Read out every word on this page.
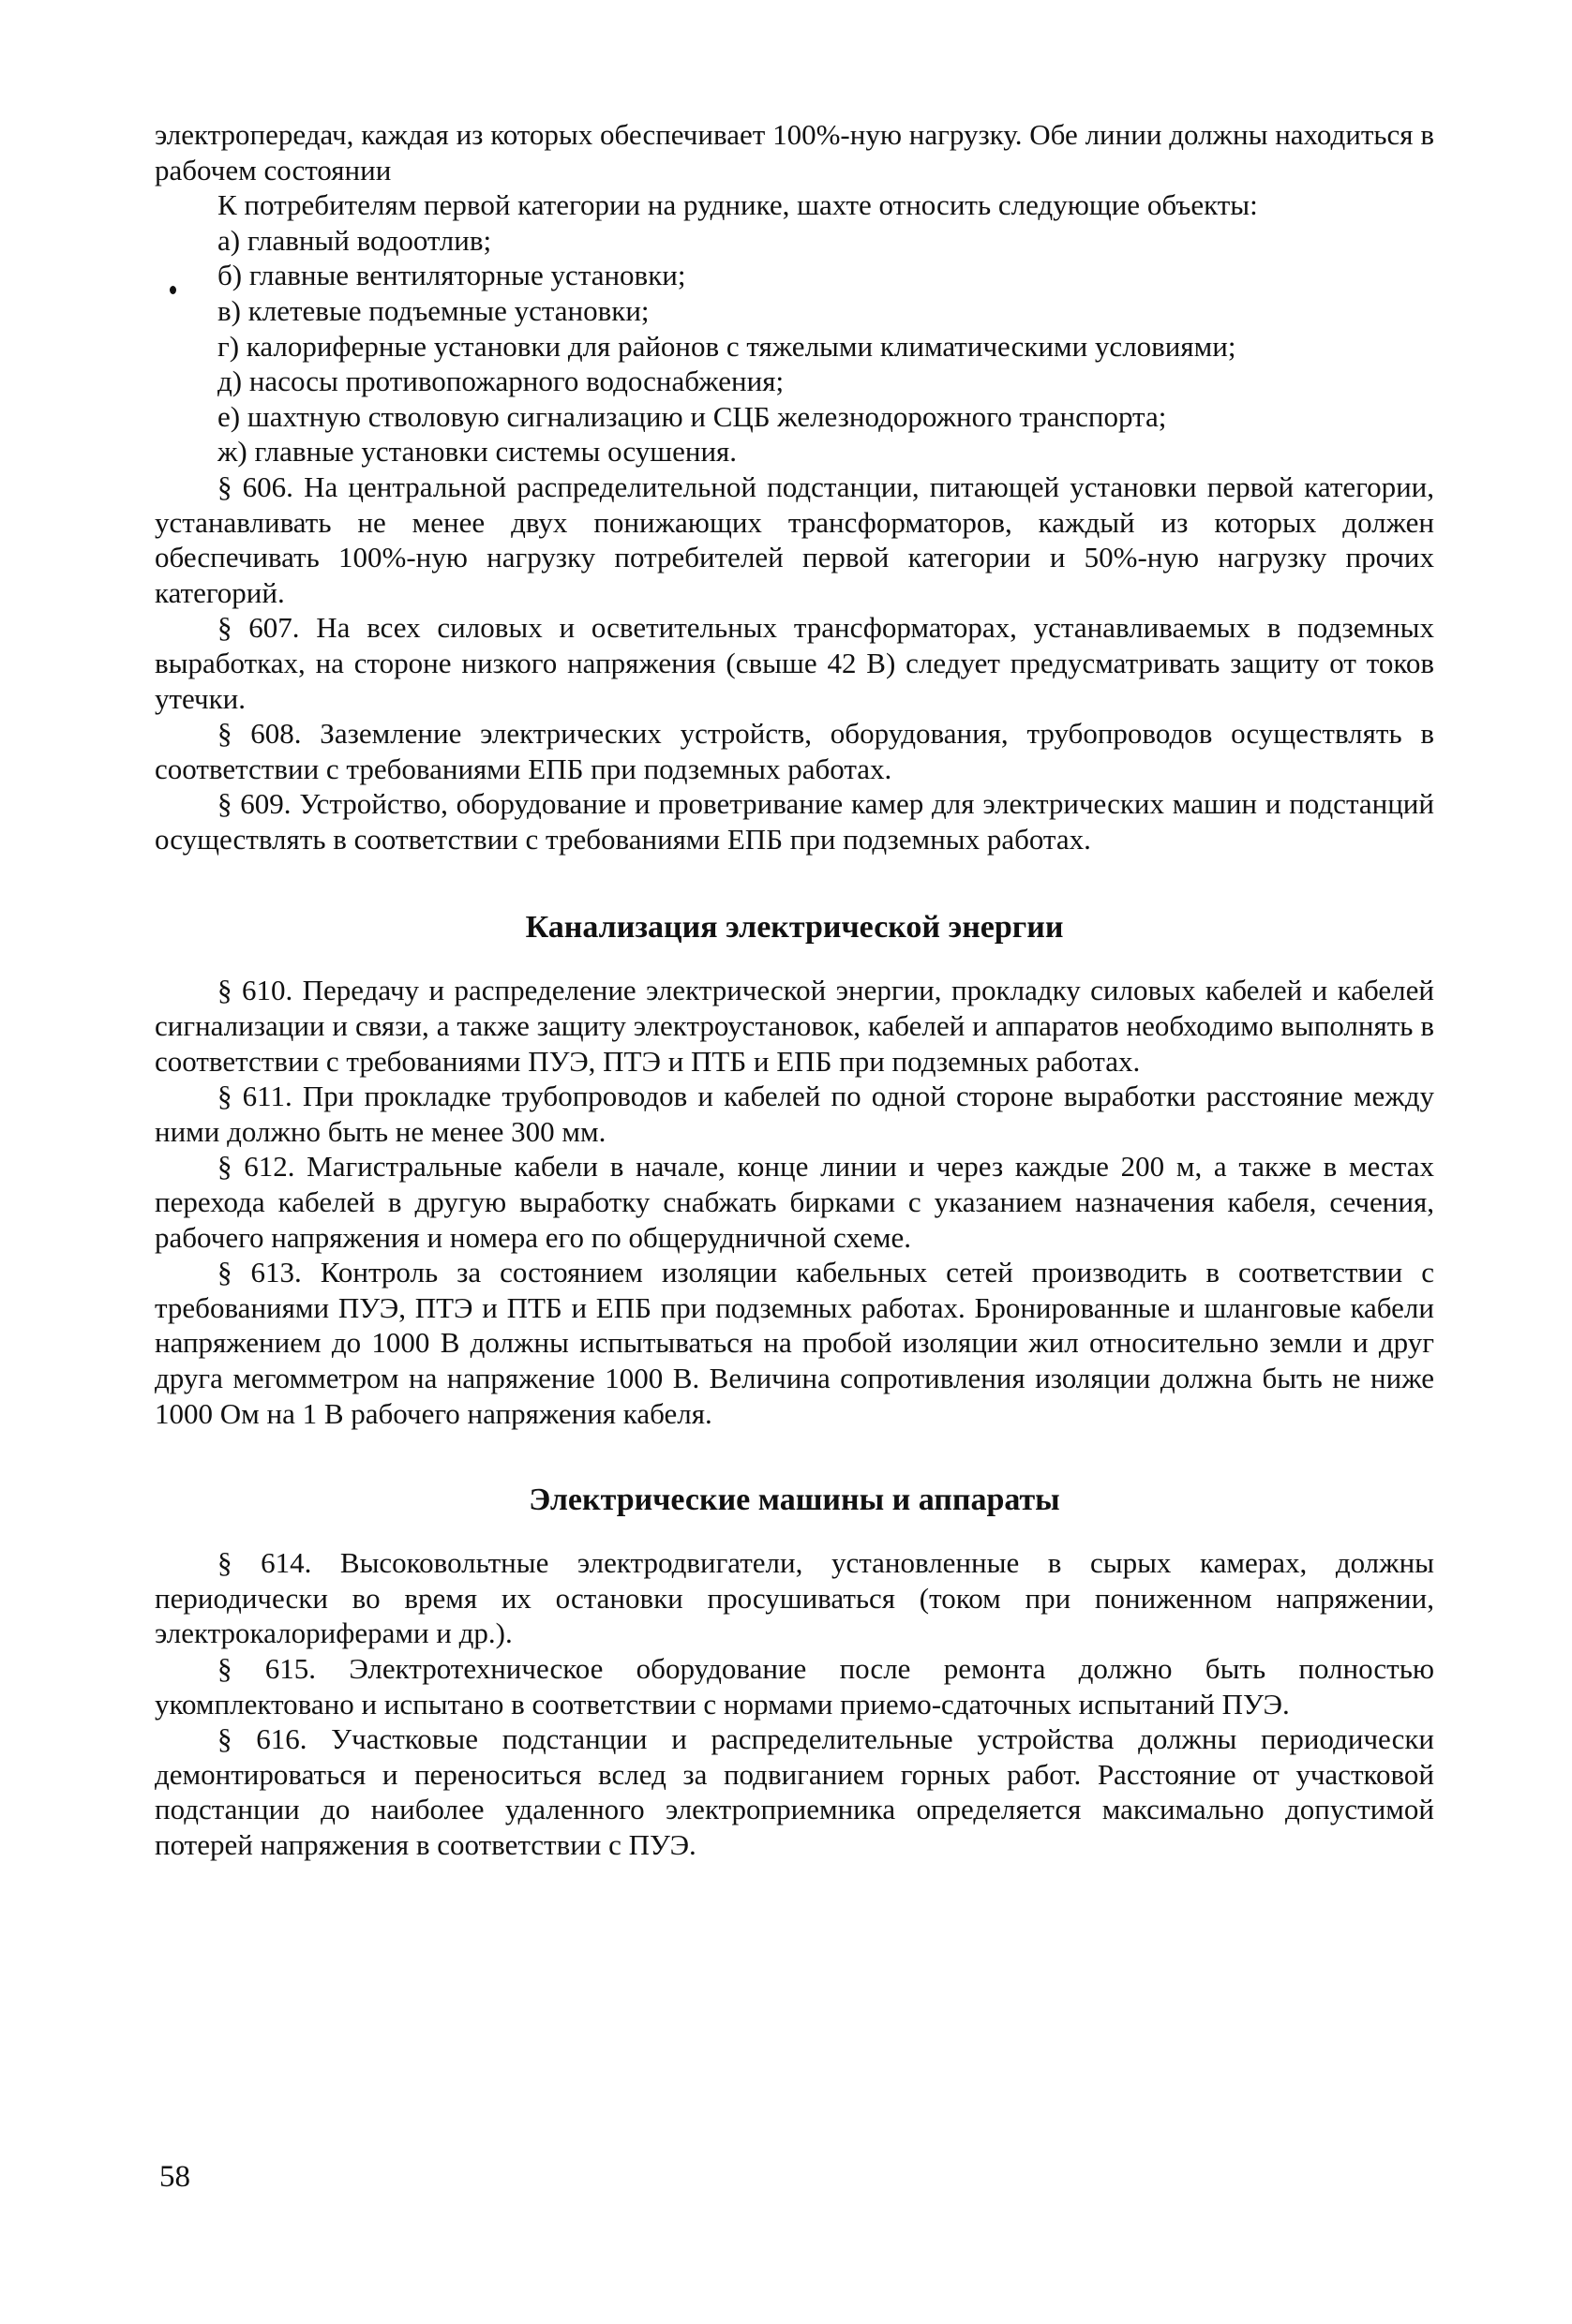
электропередач, каждая из которых обеспечивает 100%-ную нагрузку. Обе линии должны находиться в рабочем состоянии

К потребителям первой категории на руднике, шахте относить следующие объекты:

а) главный водоотлив;

б) главные вентиляторные установки;

в) клетевые подъемные установки;

г) калориферные установки для районов с тяжелыми климатическими условиями;

д) насосы противопожарного водоснабжения;

е) шахтную стволовую сигнализацию и СЦБ железнодорожного транспорта;

ж) главные установки системы осушения.

§ 606. На центральной распределительной подстанции, питающей установки первой категории, устанавливать не менее двух понижающих трансформаторов, каждый из которых должен обеспечивать 100%-ную нагрузку потребителей первой категории и 50%-ную нагрузку прочих категорий.

§ 607. На всех силовых и осветительных трансформаторах, устанавливаемых в подземных выработках, на стороне низкого напряжения (свыше 42 В) следует предусматривать защиту от токов утечки.

§ 608. Заземление электрических устройств, оборудования, трубопроводов осуществлять в соответствии с требованиями ЕПБ при подземных работах.

§ 609. Устройство, оборудование и проветривание камер для электрических машин и подстанций осуществлять в соответствии с требованиями ЕПБ при подземных работах.

Канализация электрической энергии

§ 610. Передачу и распределение электрической энергии, прокладку силовых кабелей и кабелей сигнализации и связи, а также защиту электроустановок, кабелей и аппаратов необходимо выполнять в соответствии с требованиями ПУЭ, ПТЭ и ПТБ и ЕПБ при подземных работах.

§ 611. При прокладке трубопроводов и кабелей по одной стороне выработки расстояние между ними должно быть не менее 300 мм.

§ 612. Магистральные кабели в начале, конце линии и через каждые 200 м, а также в местах перехода кабелей в другую выработку снабжать бирками с указанием назначения кабеля, сечения, рабочего напряжения и номера его по общерудничной схеме.

§ 613. Контроль за состоянием изоляции кабельных сетей производить в соответствии с требованиями ПУЭ, ПТЭ и ПТБ и ЕПБ при подземных работах. Бронированные и шланговые кабели напряжением до 1000 В должны испытываться на пробой изоляции жил относительно земли и друг друга мегомметром на напряжение 1000 В. Величина сопротивления изоляции должна быть не ниже 1000 Ом на 1 В рабочего напряжения кабеля.

Электрические машины и аппараты

§ 614. Высоковольтные электродвигатели, установленные в сырых камерах, должны периодически во время их остановки просушиваться (током при пониженном напряжении, электрокалориферами и др.).

§ 615. Электротехническое оборудование после ремонта должно быть полностью укомплектовано и испытано в соответствии с нормами приемо-сдаточных испытаний ПУЭ.

§ 616. Участковые подстанции и распределительные устройства должны периодически демонтироваться и переноситься вслед за подвиганием горных работ. Расстояние от участковой подстанции до наиболее удаленного электроприемника определяется максимально допустимой потерей напряжения в соответствии с ПУЭ.

58
